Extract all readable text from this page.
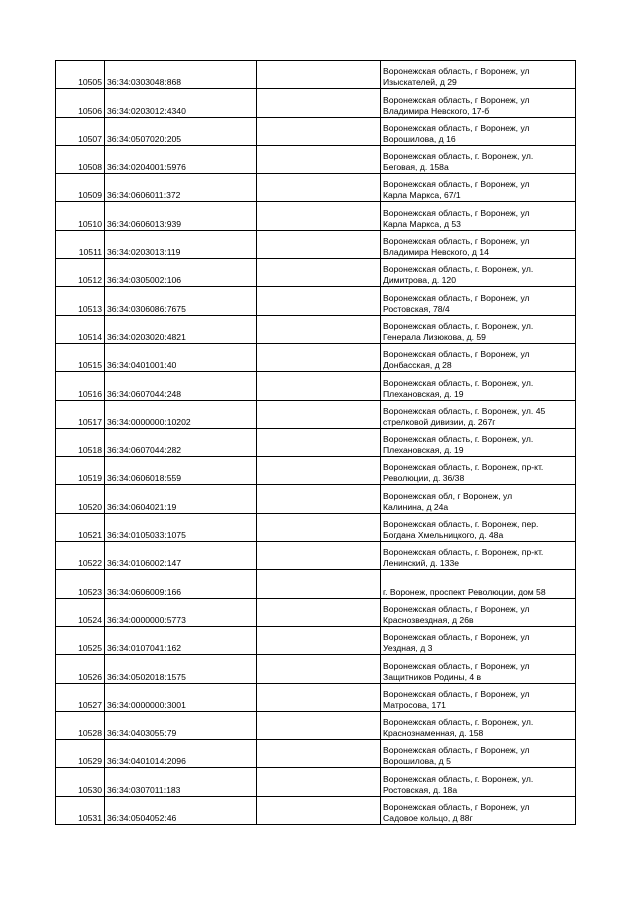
10505	36:34:0303048:868		Воронежская область, г Воронеж, ул
Изыскателей, д 29
10506	36:34:0203012:4340		Воронежская область, г Воронеж, ул
Владимира Невского, 17-б
10507	36:34:0507020:205		Воронежская область, г Воронеж, ул
Ворошилова, д 16
10508	36:34:0204001:5976		Воронежская область, г. Воронеж, ул.
Беговая, д. 158а
10509	36:34:0606011:372		Воронежская область, г Воронеж, ул
Карла Маркса, 67/1
10510	36:34:0606013:939		Воронежская область, г Воронеж, ул
Карла Маркса, д 53
10511	36:34:0203013:119		Воронежская область, г Воронеж, ул
Владимира Невского, д 14
10512	36:34:0305002:106		Воронежская область, г. Воронеж, ул.
Димитрова, д. 120
10513	36:34:0306086:7675		Воронежская область, г Воронеж, ул
Ростовская, 78/4
10514	36:34:0203020:4821		Воронежская область, г. Воронеж, ул.
Генерала Лизюкова, д. 59
10515	36:34:0401001:40		Воронежская область, г Воронеж, ул
Донбасская, д 28
10516	36:34:0607044:248		Воронежская область, г. Воронеж, ул.
Плехановская, д. 19
10517	36:34:0000000:10202		Воронежская область, г. Воронеж, ул. 45
стрелковой дивизии, д. 267г
10518	36:34:0607044:282		Воронежская область, г. Воронеж, ул.
Плехановская, д. 19
10519	36:34:0606018:559		Воронежская область, г. Воронеж, пр-кт.
Революции, д. 36/38
10520	36:34:0604021:19		Воронежская обл, г Воронеж, ул
Калинина, д 24а
10521	36:34:0105033:1075		Воронежская область, г. Воронеж, пер.
Богдана Хмельницкого, д. 48а
10522	36:34:0106002:147		Воронежская область, г. Воронеж, пр-кт.
Ленинский, д. 133е
10523	36:34:0606009:166		г. Воронеж, проспект Революции, дом 58
10524	36:34:0000000:5773		Воронежская область, г Воронеж, ул
Краснозвездная, д 26в
10525	36:34:0107041:162		Воронежская область, г Воронеж, ул
Уездная, д 3
10526	36:34:0502018:1575		Воронежская область, г Воронеж, ул
Защитников Родины, 4 в
10527	36:34:0000000:3001		Воронежская область, г Воронеж, ул
Матросова, 171
10528	36:34:0403055:79		Воронежская область, г. Воронеж, ул.
Краснознаменная, д. 158
10529	36:34:0401014:2096		Воронежская область, г Воронеж, ул
Ворошилова, д 5
10530	36:34:0307011:183		Воронежская область, г. Воронеж, ул.
Ростовская, д. 18а
10531	36:34:0504052:46		Воронежская область, г Воронеж, ул
Садовое кольцо, д 88г
